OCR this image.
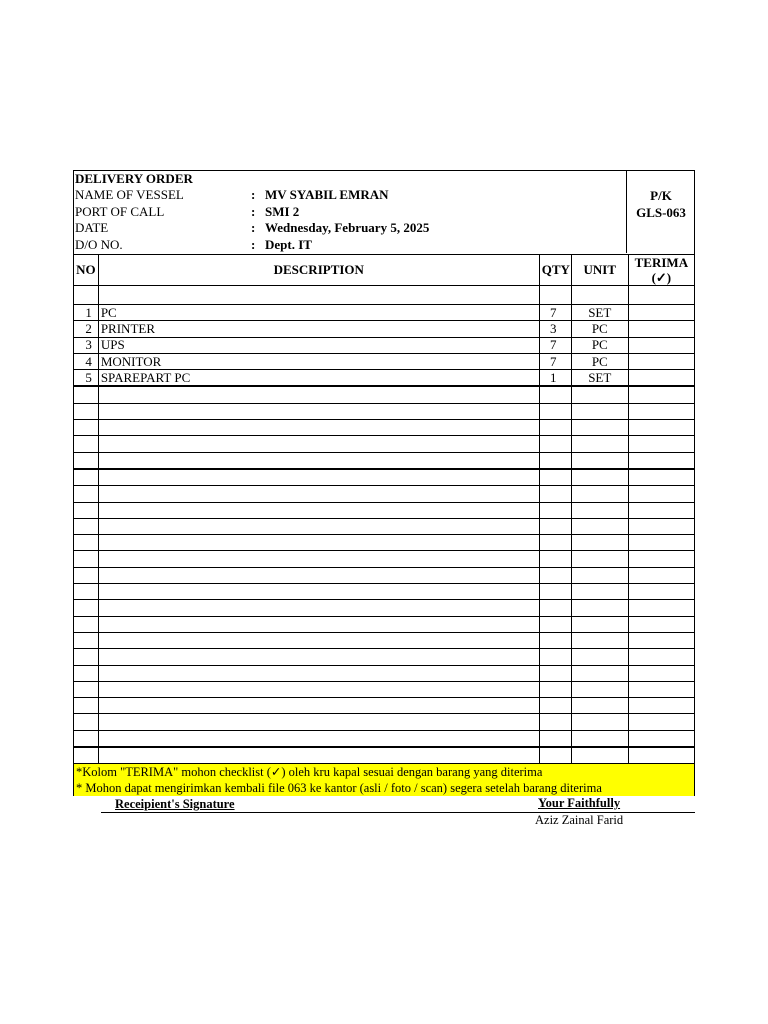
DELIVERY ORDER
NAME OF VESSEL	: MV SYABIL EMRAN
PORT OF CALL	: SMI 2
DATE	: Wednesday, February 5, 2025
D/O NO.	: Dept. IT
P/K
GLS-063
NO	DESCRIPTION	QTY	UNIT	TERIMA
(✓)

1	PC	7	SET	
2	PRINTER	3	PC	
3	UPS	7	PC	
4	MONITOR	7	PC	
5	SPAREPART PC	1	SET	

*Kolom "TERIMA" mohon checklist (✓) oleh kru kapal sesuai dengan barang yang diterima
* Mohon dapat mengirimkan kembali file 063 ke kantor (asli / foto / scan) segera setelah barang diterima
Receipient's Signature	Your Faithfully
Aziz Zainal Farid
